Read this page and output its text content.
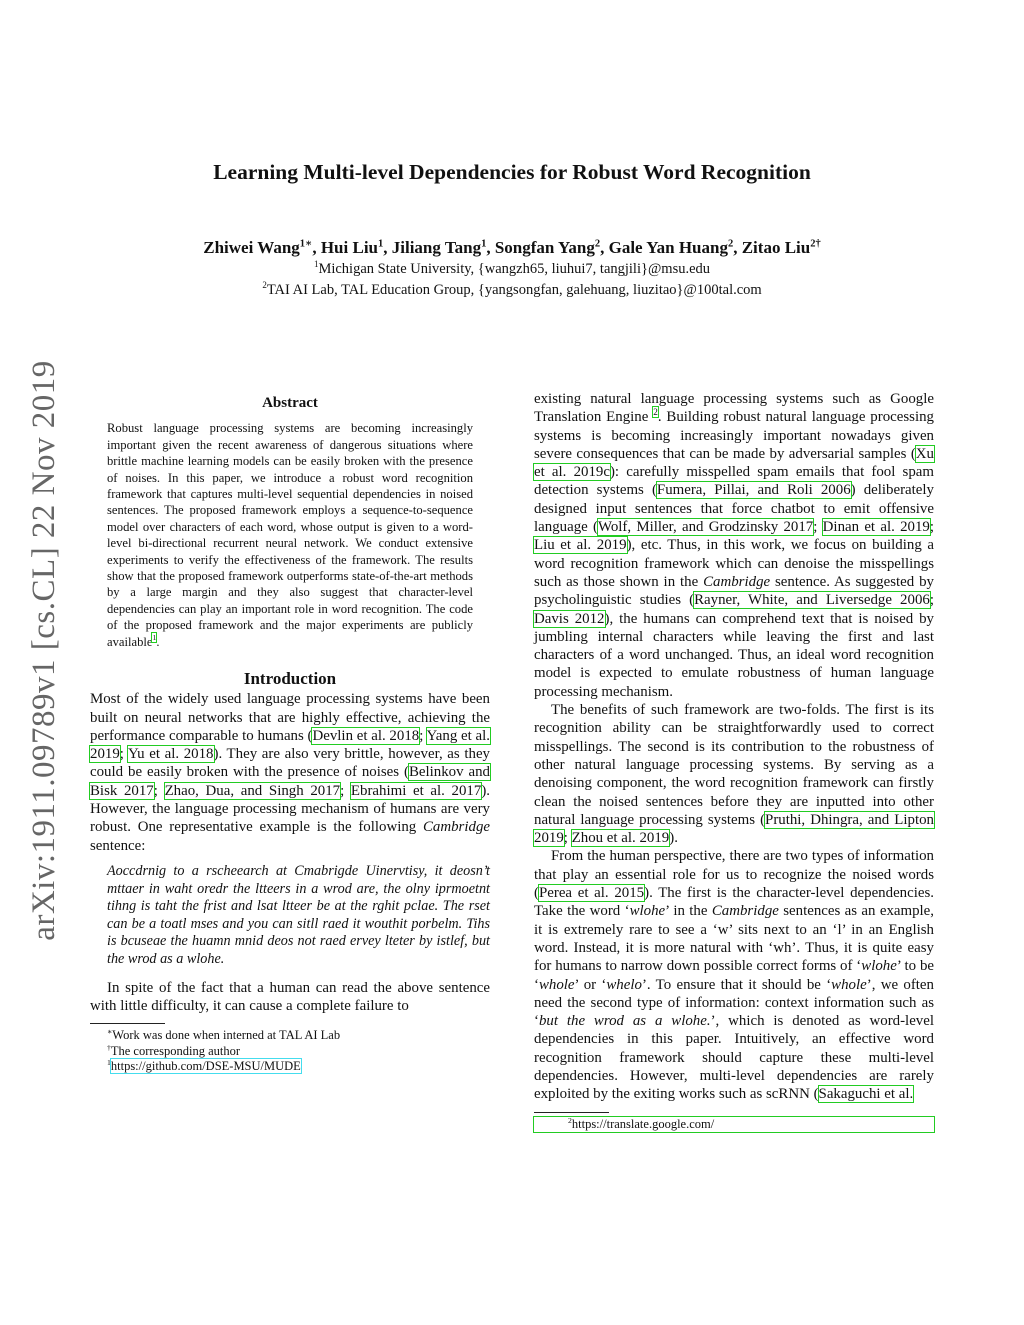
arXiv:1911.09789v1 [cs.CL] 22 Nov 2019
Learning Multi-level Dependencies for Robust Word Recognition
Zhiwei Wang$^{1∗}$, Hui Liu$^1$, Jiliang Tang$^1$, Songfan Yang$^2$, Gale Yan Huang$^2$, Zitao Liu$^{2\dagger}$
$^1$Michigan State University, {wangzh65, liuhui7, tangjili}@msu.edu
$^2$TAI AI Lab, TAL Education Group, {yangsongfan, galehuang, liuzitao}@100tal.com
Abstract
Robust language processing systems are becoming increasingly important given the recent awareness of dangerous situations where brittle machine learning models can be easily broken with the presence of noises. In this paper, we introduce a robust word recognition framework that captures multi-level sequential dependencies in noised sentences. The proposed framework employs a sequence-to-sequence model over characters of each word, whose output is given to a word-level bi-directional recurrent neural network. We conduct extensive experiments to verify the effectiveness of the framework. The results show that the proposed framework outperforms state-of-the-art methods by a large margin and they also suggest that character-level dependencies can play an important role in word recognition. The code of the proposed framework and the major experiments are publicly available$^1$.
Introduction

Most of the widely used language processing systems have been built on neural networks that are highly effective, achieving the performance comparable to humans (Devlin et al. 2018; Yang et al. 2019; Yu et al. 2018). They are also very brittle, however, as they could be easily broken with the presence of noises (Belinkov and Bisk 2017; Zhao, Dua, and Singh 2017; Ebrahimi et al. 2017). However, the language processing mechanism of humans are very robust. One representative example is the following Cambridge sentence:

Aoccdrnig to a rscheearch at Cmabrigde Uinervtisy, it deosn’t mttaer in waht oredr the ltteers in a wrod are, the olny iprmoetnt tihng is taht the frist and lsat ltteer be at the rghit pclae. The rset can be a toatl mses and you can sitll raed it wouthit porbelm. Tihs is bcuseae the huamn mnid deos not raed ervey lteter by istlef, but the wrod as a wlohe.

In spite of the fact that a human can read the above sentence with little difficulty, it can cause a complete failure to

∗Work was done when interned at TAL AI Lab
†The corresponding author
$^1$https://github.com/DSE-MSU/MUDE

existing natural language processing systems such as Google Translation Engine $^2$. Building robust natural language processing systems is becoming increasingly important nowadays given severe consequences that can be made by adversarial samples (Xu et al. 2019c): carefully misspelled spam emails that fool spam detection systems (Fumera, Pillai, and Roli 2006) deliberately designed input sentences that force chatbot to emit offensive language (Wolf, Miller, and Grodzinsky 2017; Dinan et al. 2019; Liu et al. 2019), etc. Thus, in this work, we focus on building a word recognition framework which can denoise the misspellings such as those shown in the Cambridge sentence. As suggested by psycholinguistic studies (Rayner, White, and Liversedge 2006; Davis 2012), the humans can comprehend text that is noised by jumbling internal characters while leaving the first and last characters of a word unchanged. Thus, an ideal word recognition model is expected to emulate robustness of human language processing mechanism.

The benefits of such framework are two-folds. The first is its recognition ability can be straightforwardly used to correct misspellings. The second is its contribution to the robustness of other natural language processing systems. By serving as a denoising component, the word recognition framework can firstly clean the noised sentences before they are inputted into other natural language processing systems (Pruthi, Dhingra, and Lipton 2019; Zhou et al. 2019).

From the human perspective, there are two types of information that play an essential role for us to recognize the noised words (Perea et al. 2015). The first is the character-level dependencies. Take the word ‘wlohe’ in the Cambridge sentences as an example, it is extremely rare to see a ‘w’ sits next to an ‘l’ in an English word. Instead, it is more natural with ‘wh’. Thus, it is quite easy for humans to narrow down possible correct forms of ‘wlohe’ to be ‘whole’ or ‘whelo’. To ensure that it should be ‘whole’, we often need the second type of information: context information such as ‘but the wrod as a wlohe.’, which is denoted as word-level dependencies in this paper. Intuitively, an effective word recognition framework should capture these multi-level dependencies. However, multi-level dependencies are rarely exploited by the exiting works such as scRNN (Sakaguchi et al.

$^2$https://translate.google.com/
